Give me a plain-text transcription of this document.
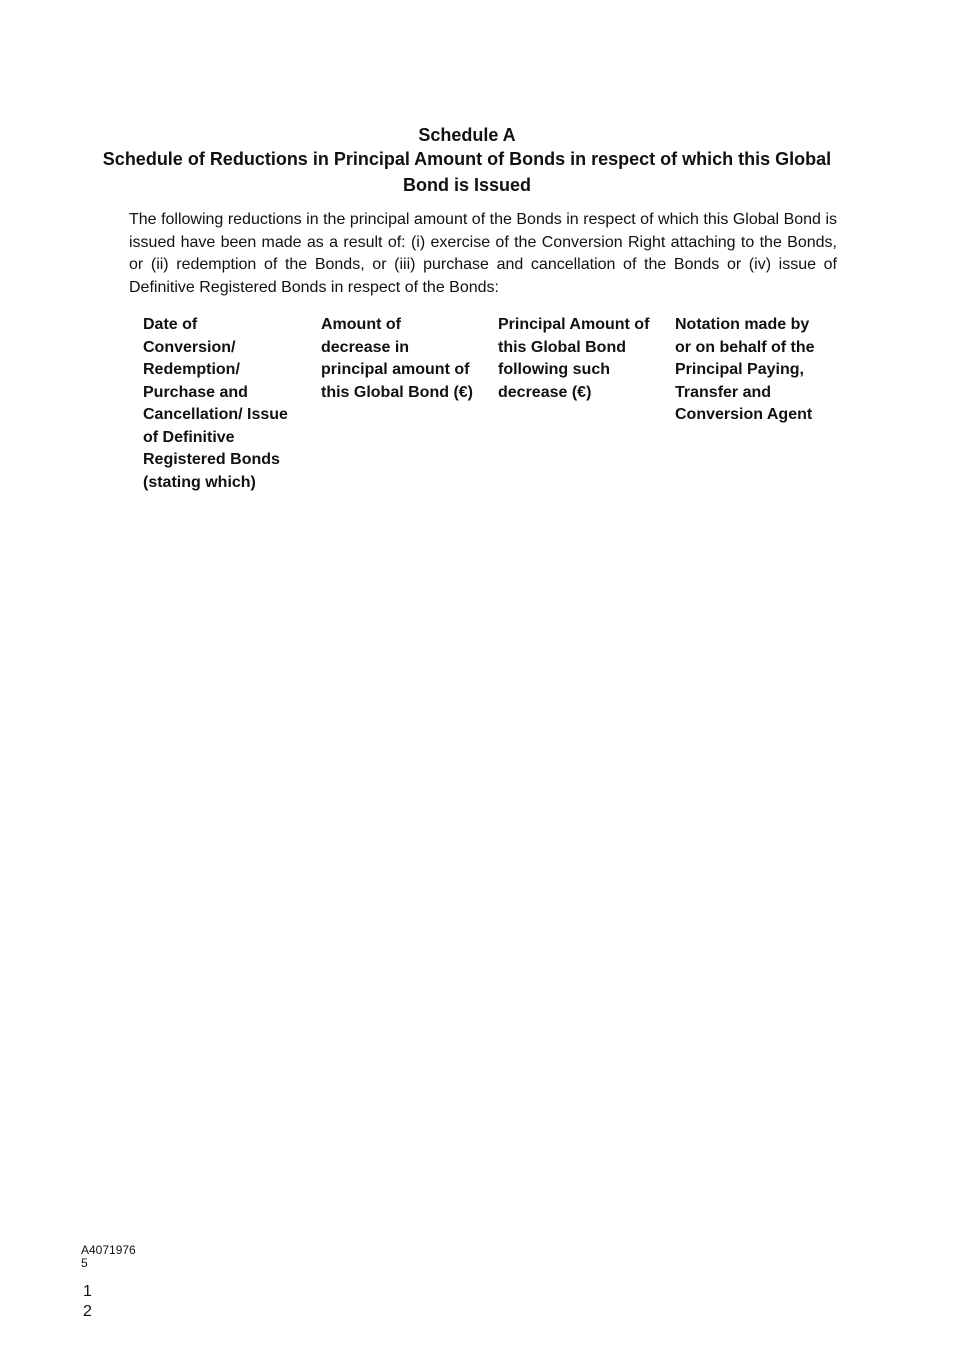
Schedule A
Schedule of Reductions in Principal Amount of Bonds in respect of which this Global Bond is Issued

The following reductions in the principal amount of the Bonds in respect of which this Global Bond is issued have been made as a result of: (i) exercise of the Conversion Right attaching to the Bonds, or (ii) redemption of the Bonds, or (iii) purchase and cancellation of the Bonds or (iv) issue of Definitive Registered Bonds in respect of the Bonds:

Date of
Conversion/
Redemption/
Purchase and
Cancellation/ Issue
of Definitive
Registered Bonds
(stating which)

Amount of
decrease in
principal amount of
this Global Bond (€)

Principal Amount of
this Global Bond
following such
decrease (€)

Notation made by
or on behalf of the
Principal Paying,
Transfer and
Conversion Agent

A4071976
5
1
2
